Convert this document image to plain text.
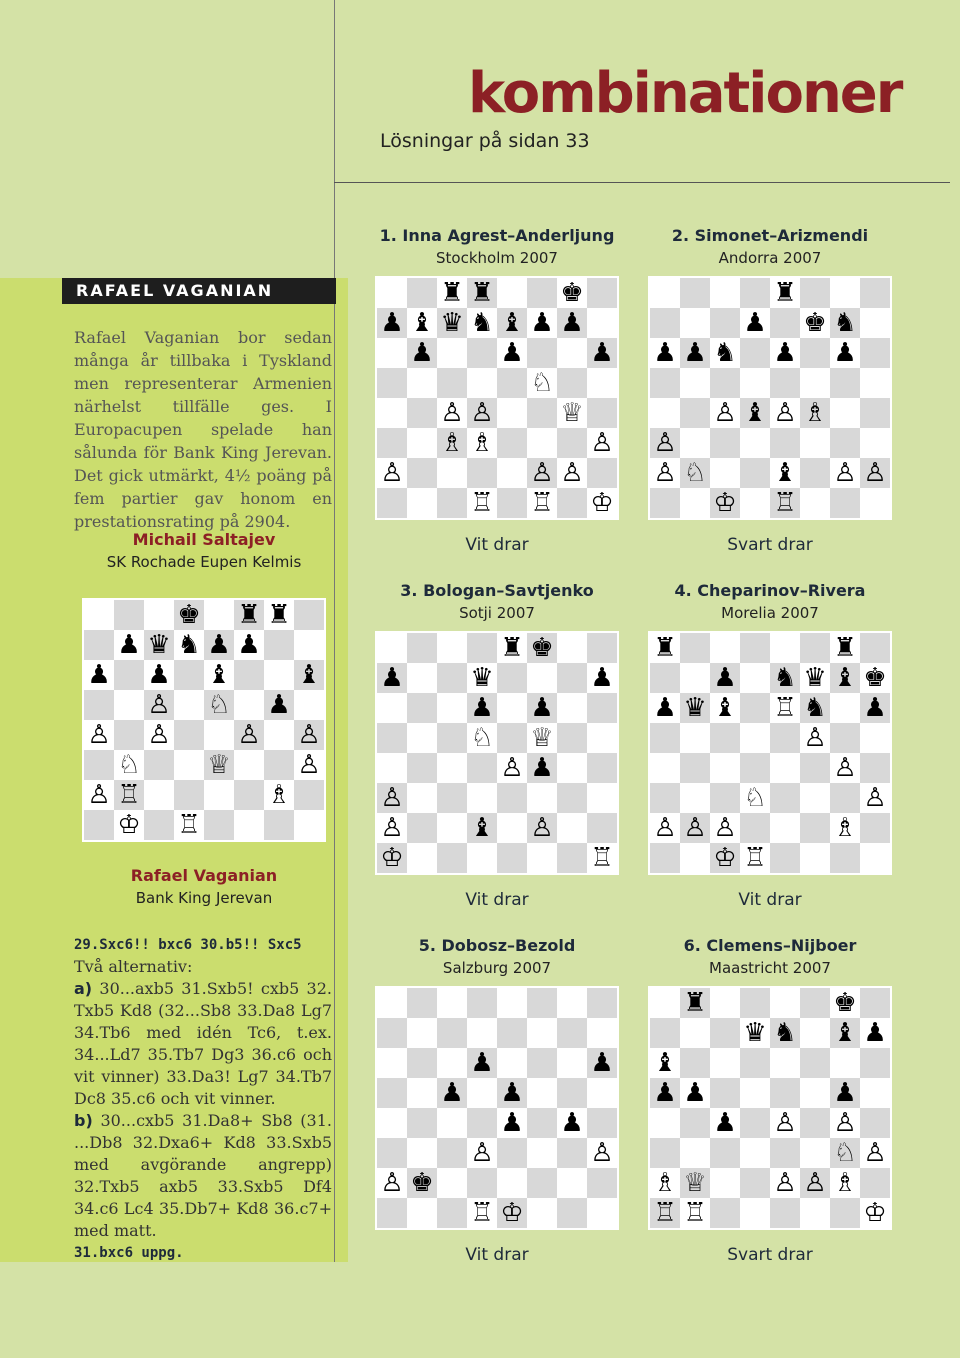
kombinationer
Lösningar på sidan 33
RAFAEL VAGANIAN
Rafael Vaganian bor sedan många år tillbaka i Tyskland men representerar Armenien närhelst tillfälle ges. I Europacupen spelade han sålunda för Bank King Jerevan. Det gick utmärkt, 4½ poäng på fem partier gav honom en prestationsrating på 2904.
Michail Saltajev
SK Rochade Eupen Kelmis
♚ ♜ ♜
♟ ♛ ♞ ♟ ♟
♟ ♟ ♝	♝
♙ ♘ ♟
♙ ♙	♙ ♙
♘	♕	♙
♙ ♖	♗
♔ ♖
Rafael Vaganian
Bank King Jerevan
29.Sxc6!! bxc6 30.b5!! Sxc5
Två alternativ:
a) 30...axb5 31.Sxb5! cxb5 32. Txb5 Kd8 (32...Sb8 33.Da8 Lg7 34.Tb6 med idén Tc6, t.ex. 34...Ld7 35.Tb7 Dg3 36.c6 och vit vinner) 33.Da3! Lg7 34.Tb7 Dc8 35.c6 och vit vinner.
b) 30...cxb5 31.Da8+ Sb8 (31. ...Db8 32.Dxa6+ Kd8 33.Sxb5 med avgörande angrepp) 32.Txb5 axb5 33.Sxb5 Df4 34.c6 Lc4 35.Db7+ Kd8 36.c7+ med matt.
31.bxc6 uppg.
1. Inna Agrest–Anderljung
Stockholm 2007
♜ ♜	♚
♟ ♝ ♛ ♞ ♝ ♟ ♟
♟	♟	♟
♘
♙ ♙	♕
♗ ♗	♙
♙	♙ ♙
♖ ♖ ♔
Vit drar
2. Simonet–Arizmendi
Andorra 2007
♜
♟ ♚ ♞
♟ ♟ ♞ ♟ ♟
♙ ♝ ♙ ♗
♙
♙ ♘	♝ ♙ ♙
♔ ♖
Svart drar
3. Bologan–Savtjenko
Sotji 2007
♜ ♚
♟	♛	♟
♟ ♟
♘ ♕
♙ ♟
♙
♙	♝ ♙
♔	♖
Vit drar
4. Cheparinov–Rivera
Morelia 2007
♜	♜
♟ ♞ ♛ ♝ ♚
♟ ♛ ♝ ♖ ♞ ♟
♙
♙
♘	♙
♙ ♙ ♙	♗
♔ ♖
Vit drar
5. Dobosz–Bezold
Salzburg 2007
♟	♟
♟ ♟
♟ ♟
♙	♙
♙ ♚
♖ ♔
Vit drar
6. Clemens–Nijboer
Maastricht 2007
♜	♚
♛ ♞ ♝ ♟
♝
♟ ♟	♟
♟ ♙ ♙
♘ ♙
♗ ♕	♙ ♙ ♗
♖ ♖	♔
Svart drar
